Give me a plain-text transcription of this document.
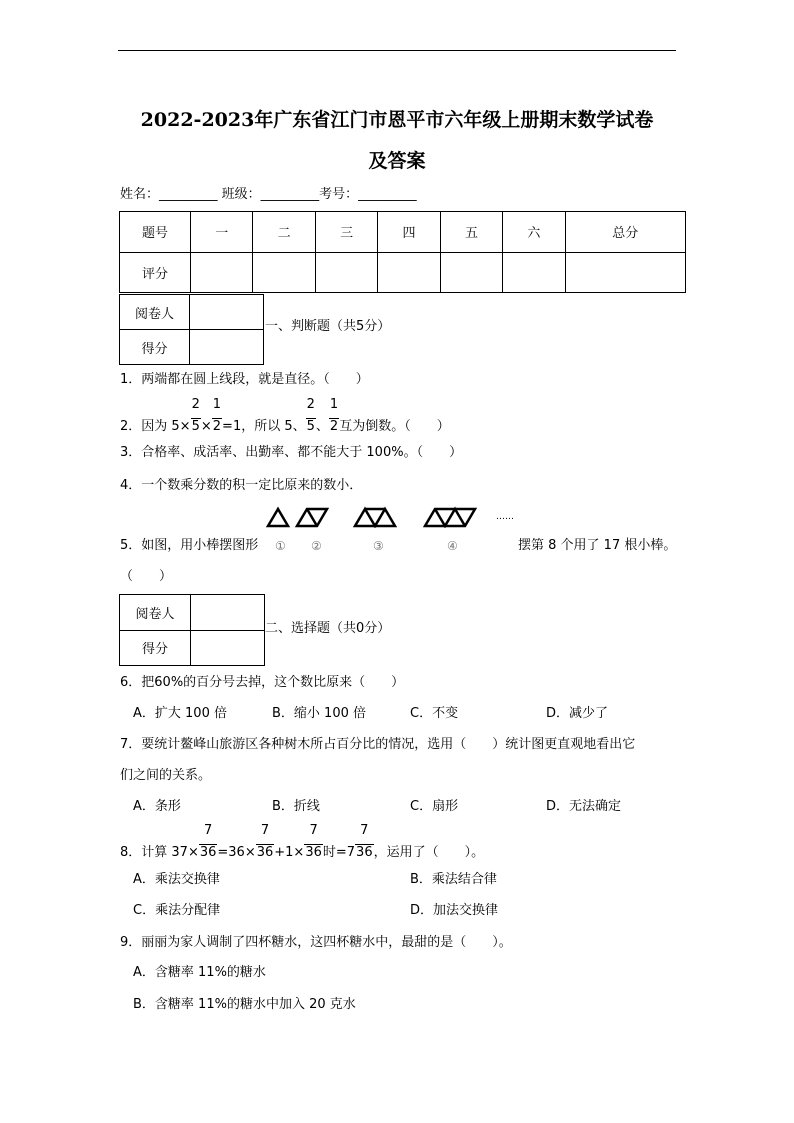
2022-2023年广东省江门市恩平市六年级上册期末数学试卷
及答案
姓名：_________ 班级：_________考号：_________
题号	一	二	三	四	五	六	总分
评分							
阅卷人	
得分	
一、判断题（共5分）
1．两端都在圆上线段，就是直径。（　　）
2．因为 $5\times \frac{2}{5}\times \frac{1}{2}=1$，所以 5、 $\frac{2}{5}$、 $\frac{1}{2}$互为倒数。（　　）
3．合格率、成活率、出勤率、都不能大于 100%。（　　）
4．一个数乘分数的积一定比原来的数小．
5．如图，用小棒摆图形 ① ②	③	④
……
摆第 8 个用了 17 根小棒。
（　　）
阅卷人	
得分	
二、选择题（共0分）
6．把60%的百分号去掉，这个数比原来（　　）
A．扩大 100 倍	B．缩小 100 倍	C．不变	D．减少了
7．要统计鳌峰山旅游区各种树木所占百分比的情况，选用（　　）统计图更直观地看出它
们之间的关系。
A．条形	B．折线	C．扇形	D．无法确定
8．计算 $37\times \frac{7}{36}=36\times \frac{7}{36}+1\times \frac{7}{36}$时$=7 \frac{7}{36}$，运用了（　　）。
A．乘法交换律	B．乘法结合律
C．乘法分配律	D．加法交换律
9．丽丽为家人调制了四杯糖水，这四杯糖水中，最甜的是（　　）。
A．含糖率 11%的糖水
B．含糖率 11%的糖水中加入 20 克水
